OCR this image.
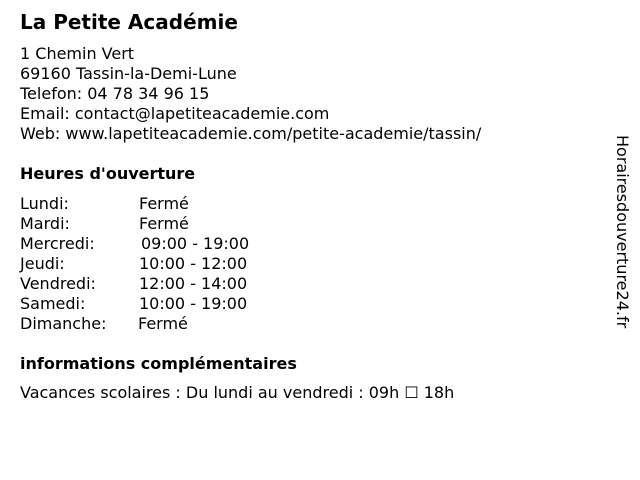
La Petite Académie
1 Chemin Vert
69160 Tassin-la-Demi-Lune
Telefon: 04 78 34 96 15
Email: contact@lapetiteacademie.com
Web: www.lapetiteacademie.com/petite-academie/tassin/
Heures d'ouverture
Lundi:	Fermé
Mardi:	Fermé
Mercredi:	09:00 - 19:00
Jeudi:	10:00 - 12:00
Vendredi:	12:00 - 14:00
Samedi:	10:00 - 19:00
Dimanche: Fermé
informations complémentaires
Vacances scolaires : Du lundi au vendredi : 09h ☐ 18h
Horairesdouverture24.fr
